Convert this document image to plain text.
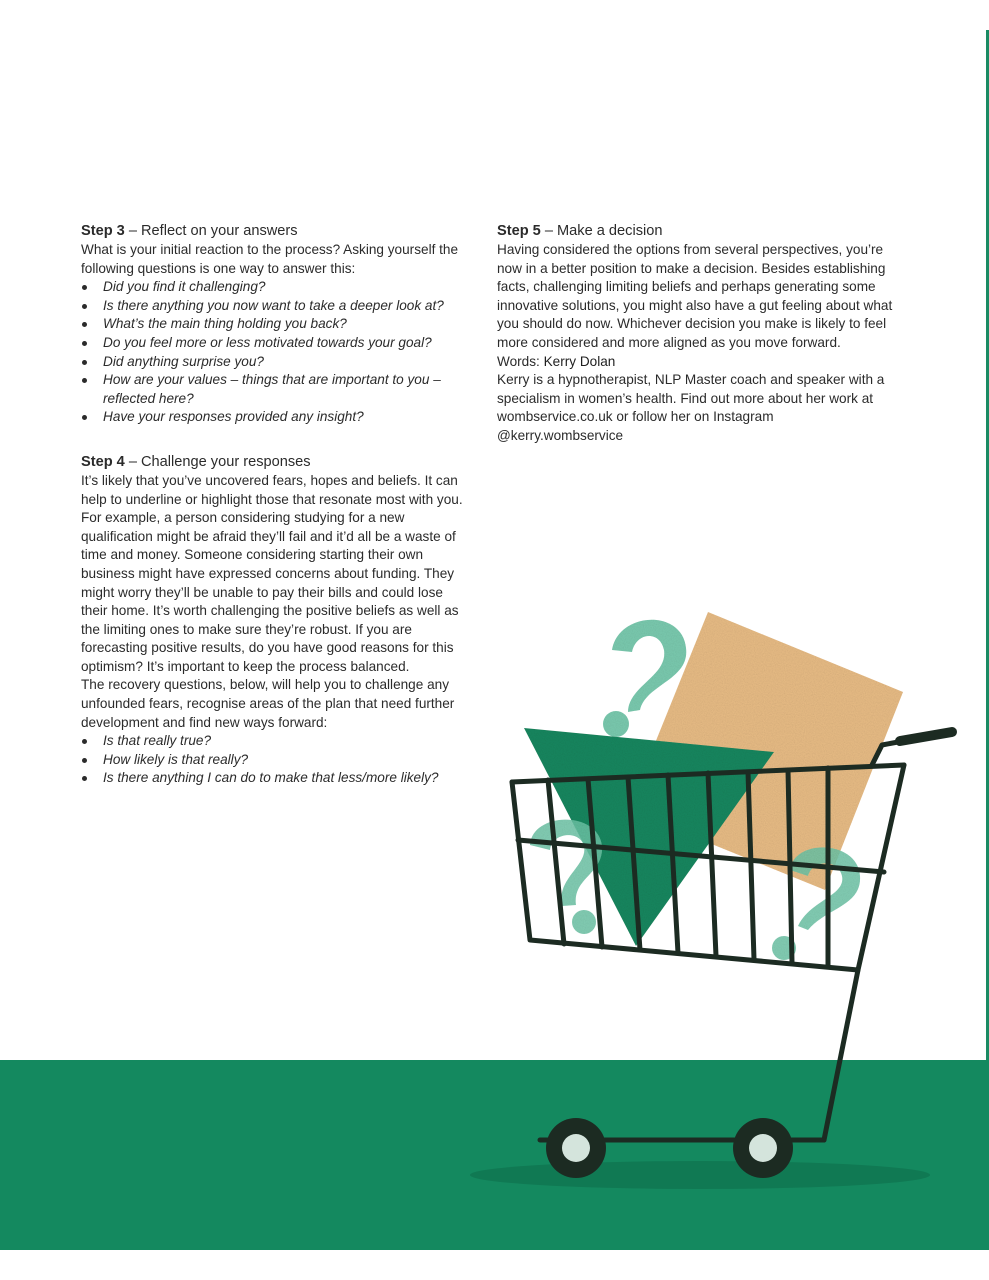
Step 3 – Reflect on your answers

What is your initial reaction to the process? Asking yourself the following questions is one way to answer this:

Did you find it challenging?
Is there anything you now want to take a deeper look at?
What’s the main thing holding you back?
Do you feel more or less motivated towards your goal?
Did anything surprise you?
How are your values – things that are important to you – reflected here?
Have your responses provided any insight?

Step 4 – Challenge your responses

It’s likely that you’ve uncovered fears, hopes and beliefs. It can help to underline or highlight those that resonate most with you. For example, a person considering studying for a new qualification might be afraid they’ll fail and it’d all be a waste of time and money. Someone considering starting their own business might have expressed concerns about funding. They might worry they’ll be unable to pay their bills and could lose their home. It’s worth challenging the positive beliefs as well as the limiting ones to make sure they’re robust. If you are forecasting positive results, do you have good reasons for this optimism? It’s important to keep the process balanced.

The recovery questions, below, will help you to challenge any unfounded fears, recognise areas of the plan that need further development and find new ways forward:

Is that really true?
How likely is that really?
Is there anything I can do to make that less/more likely?

Step 5 – Make a decision

Having considered the options from several perspectives, you’re now in a better position to make a decision. Besides establishing facts, challenging limiting beliefs and perhaps generating some innovative solutions, you might also have a gut feeling about what you should do now. Whichever decision you make is likely to feel more considered and more aligned as you move forward.

Words: Kerry Dolan

Kerry is a hypnotherapist, NLP Master coach and speaker with a specialism in women’s health. Find out more about her work at wombservice.co.uk or follow her on Instagram @kerry.wombservice
